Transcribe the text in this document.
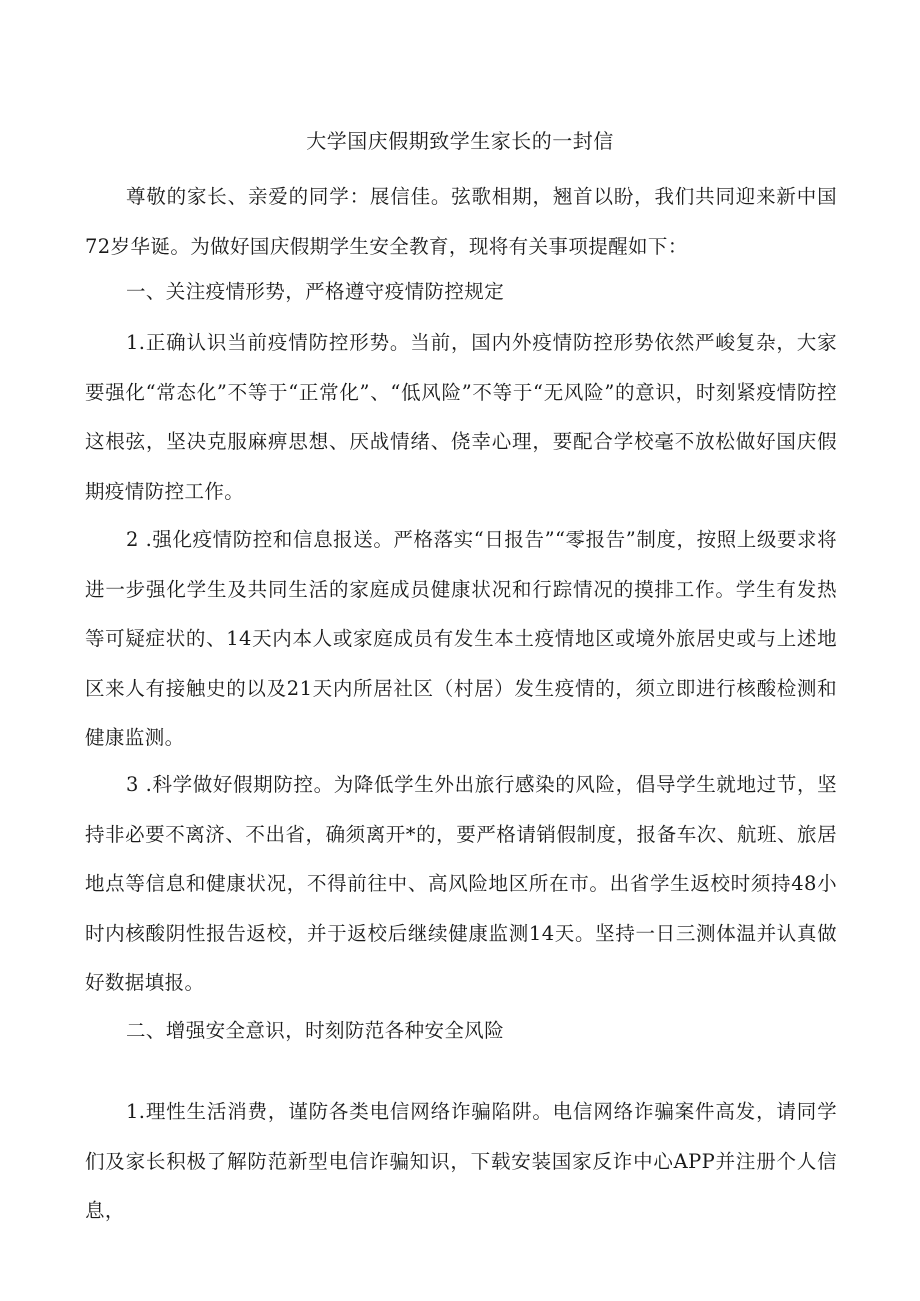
大学国庆假期致学生家长的一封信

尊敬的家长、亲爱的同学：展信佳。弦歌相期，翘首以盼，我们共同迎来新中国72岁华诞。为做好国庆假期学生安全教育，现将有关事项提醒如下：

一、关注疫情形势，严格遵守疫情防控规定

1.正确认识当前疫情防控形势。当前，国内外疫情防控形势依然严峻复杂，大家要强化“常态化”不等于“正常化”、“低风险”不等于“无风险”的意识，时刻紧疫情防控这根弦，坚决克服麻痹思想、厌战情绪、侥幸心理，要配合学校毫不放松做好国庆假期疫情防控工作。

2 .强化疫情防控和信息报送。严格落实“日报告”“零报告”制度，按照上级要求将进一步强化学生及共同生活的家庭成员健康状况和行踪情况的摸排工作。学生有发热等可疑症状的、14天内本人或家庭成员有发生本土疫情地区或境外旅居史或与上述地区来人有接触史的以及21天内所居社区（村居）发生疫情的，须立即进行核酸检测和健康监测。

3 .科学做好假期防控。为降低学生外出旅行感染的风险，倡导学生就地过节，坚持非必要不离济、不出省，确须离开*的，要严格请销假制度，报备车次、航班、旅居地点等信息和健康状况，不得前往中、高风险地区所在市。出省学生返校时须持48小时内核酸阴性报告返校，并于返校后继续健康监测14天。坚持一日三测体温并认真做好数据填报。

二、增强安全意识，时刻防范各种安全风险

1.理性生活消费，谨防各类电信网络诈骗陷阱。电信网络诈骗案件高发，请同学们及家长积极了解防范新型电信诈骗知识，下载安装国家反诈中心APP并注册个人信息，
